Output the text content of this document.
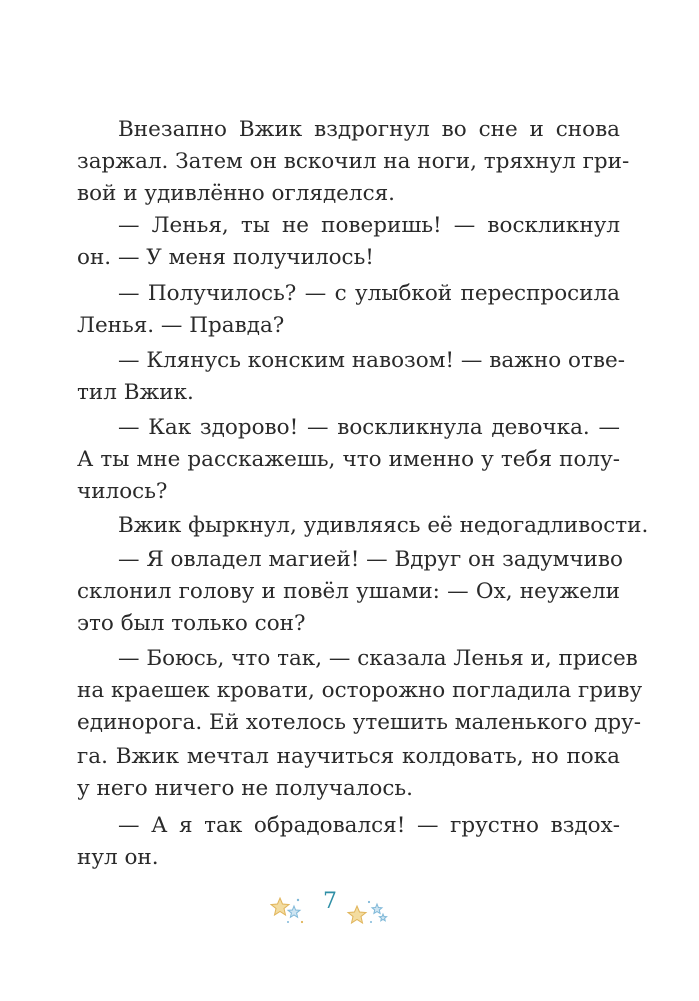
Внезапно Вжик вздрогнул во сне и снова

заржал. Затем он вскочил на ноги, тряхнул гри-

вой и удивлённо огляделся.

— Ленья, ты не поверишь! — воскликнул

он. — У меня получилось!

— Получилось? — с улыбкой переспросила

Ленья. — Правда?

— Клянусь конским навозом! — важно отве-

тил Вжик.

— Как здорово! — воскликнула девочка. —

А ты мне расскажешь, что именно у тебя полу-

чилось?

Вжик фыркнул, удивляясь её недогадливости.

— Я овладел магией! — Вдруг он задумчиво

склонил голову и повёл ушами: — Ох, неужели

это был только сон?

— Боюсь, что так, — сказала Ленья и, присев

на краешек кровати, осторожно погладила гриву

единорога. Ей хотелось утешить маленького дру-

га. Вжик мечтал научиться колдовать, но пока

у него ничего не получалось.

— А я так обрадовался! — грустно вздох-

нул он.

7
